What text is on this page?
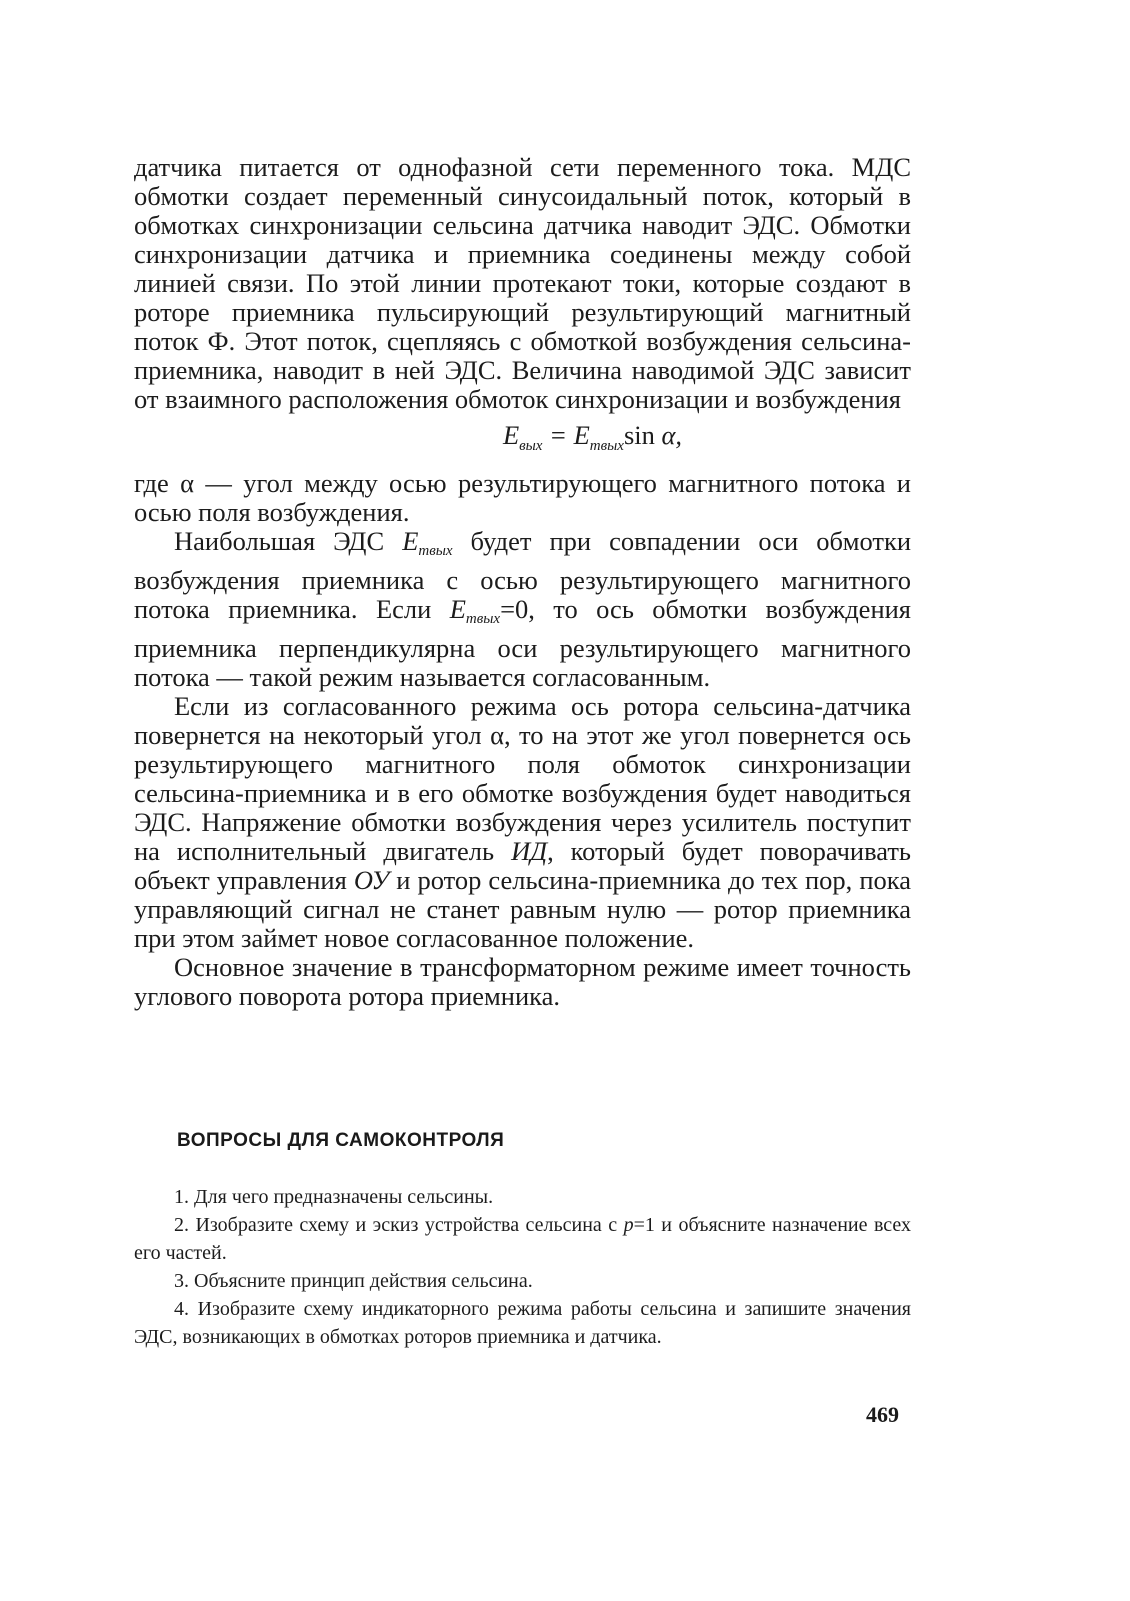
датчика питается от однофазной сети переменного тока. МДС обмотки создает переменный синусоидальный поток, который в обмотках синхронизации сельсина датчика наводит ЭДС. Обмотки синхронизации датчика и приемника соединены между собой линией связи. По этой линии протекают токи, которые создают в роторе приемника пульсирующий результирующий магнитный поток Ф. Этот поток, сцепляясь с обмоткой возбуждения сельсина-приемника, наводит в ней ЭДС. Величина наводимой ЭДС зависит от взаимного расположения обмоток синхронизации и возбуждения

$E_{вых} = E_{mвых}\sin$ α,

где α — угол между осью результирующего магнитного потока и осью поля возбуждения.

Наибольшая ЭДС Emвых будет при совпадении оси обмотки возбуждения приемника с осью результирующего магнитного потока приемника. Если Emвых=0, то ось обмотки возбуждения приемника перпендикулярна оси результирующего магнитного потока — такой режим называется согласованным.

Если из согласованного режима ось ротора сельсина-датчика повернется на некоторый угол α, то на этот же угол повернется ось результирующего магнитного поля обмоток синхронизации сельсина-приемника и в его обмотке возбуждения будет наводиться ЭДС. Напряжение обмотки возбуждения через усилитель поступит на исполнительный двигатель ИД, который будет поворачивать объект управления ОУ и ротор сельсина-приемника до тех пор, пока управляющий сигнал не станет равным нулю — ротор приемника при этом займет новое согласованное положение.

Основное значение в трансформаторном режиме имеет точность углового поворота ротора приемника.

ВОПРОСЫ ДЛЯ САМОКОНТРОЛЯ

1. Для чего предназначены сельсины.

2. Изобразите схему и эскиз устройства сельсина с p=1 и объясните назначение всех его частей.

3. Объясните принцип действия сельсина.

4. Изобразите схему индикаторного режима работы сельсина и запишите значения ЭДС, возникающих в обмотках роторов приемника и датчика.

469
